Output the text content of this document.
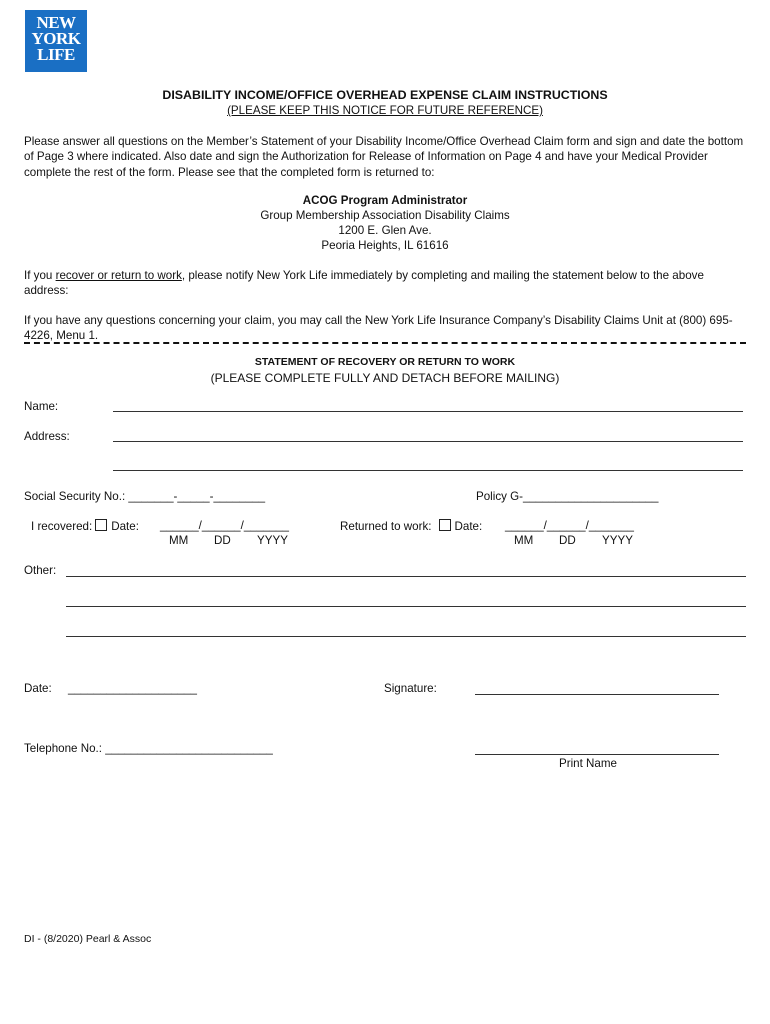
NEW
YORK
LIFE
DISABILITY INCOME/OFFICE OVERHEAD EXPENSE CLAIM INSTRUCTIONS
(PLEASE KEEP THIS NOTICE FOR FUTURE REFERENCE)
Please answer all questions on the Member’s Statement of your Disability Income/Office Overhead Claim form and sign and date the bottom of Page 3 where indicated. Also date and sign the Authorization for Release of Information on Page 4 and have your Medical Provider complete the rest of the form. Please see that the completed form is returned to:
ACOG Program Administrator
Group Membership Association Disability Claims
1200 E. Glen Ave.
Peoria Heights, IL 61616
If you recover or return to work, please notify New York Life immediately by completing and mailing the statement below to the above address:
If you have any questions concerning your claim, you may call the New York Life Insurance Company’s Disability Claims Unit at (800) 695-4226, Menu 1.
STATEMENT OF RECOVERY OR RETURN TO WORK
(PLEASE COMPLETE FULLY AND DETACH BEFORE MAILING)
Name:
Address:
Social Security No.: _______-_____-________	Policy G-_____________________
I recovered: Date: ______/______/_______
MM DD YYYY
Returned to work: Date: ______/______/_______
MM DD YYYY
Other:
Date: ____________________	Signature:
Telephone No.: __________________________
Print Name
DI - (8/2020) Pearl & Assoc
